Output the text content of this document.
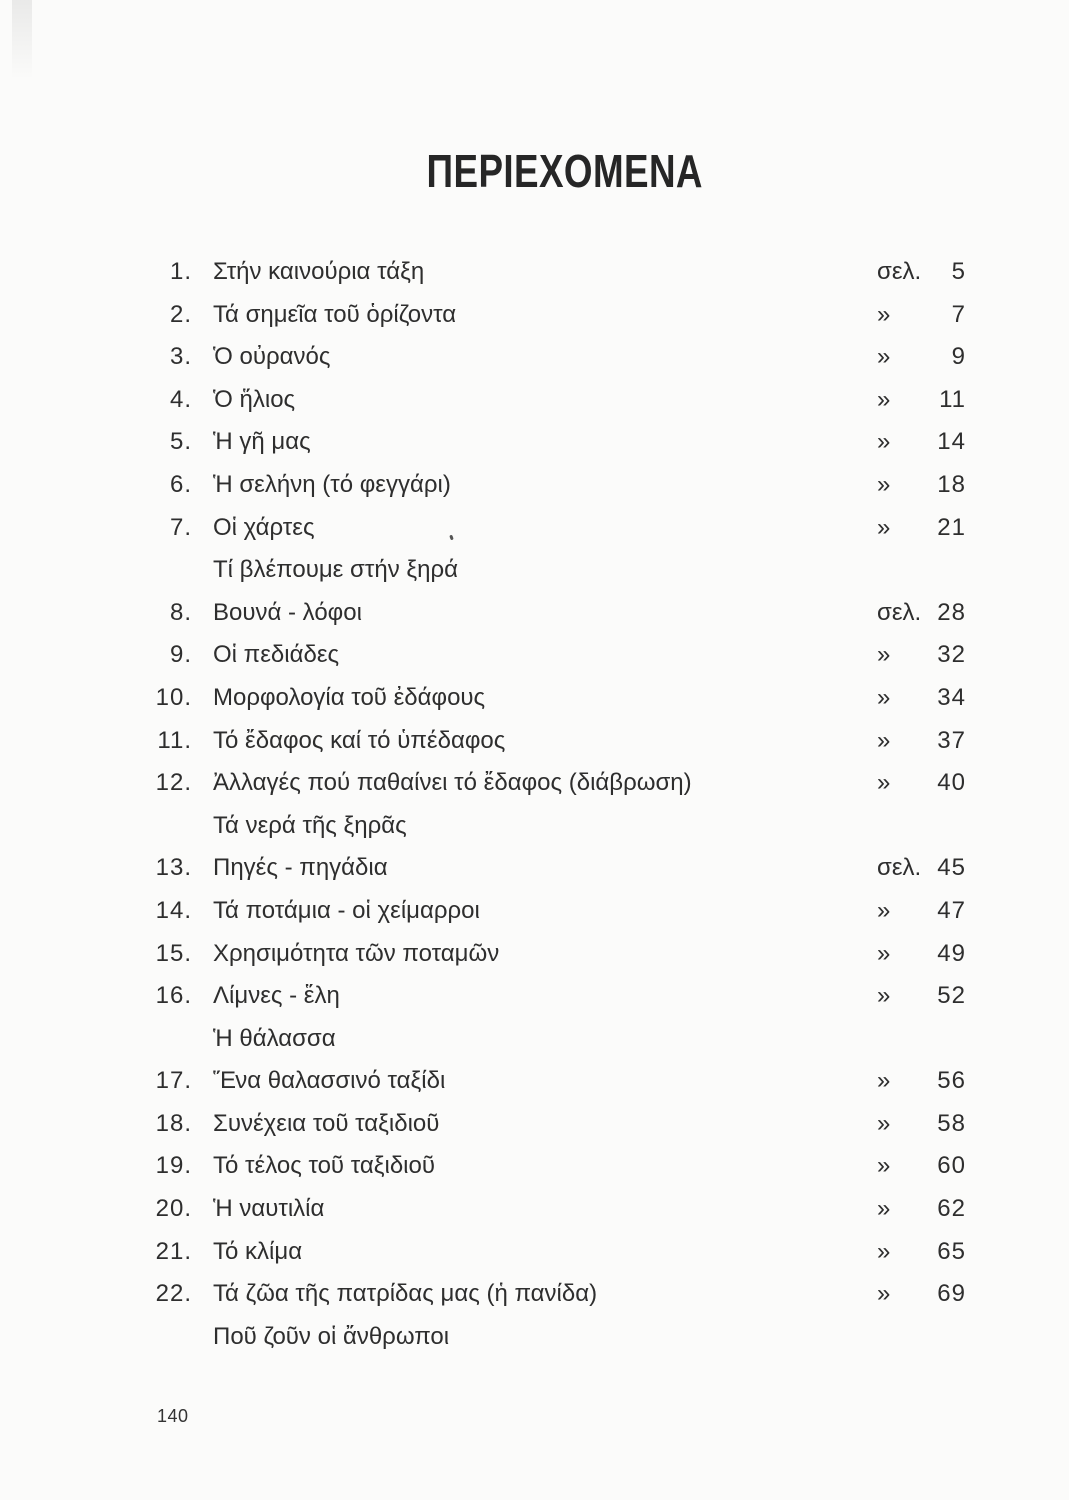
ΠΕΡΙΕΧΟΜΕΝΑ
1. Στήν καινούρια τάξη	σελ.	5
2. Τά σημεῖα τοῦ ὁρίζοντα	»	7
3. Ὁ οὐρανός	»	9
4. Ὁ ἥλιος	»	11
5. Ἡ γῆ μας	»	14
6. Ἡ σελήνη (τό φεγγάρι)	»	18
7. Οἱ χάρτες	»	21
Τί βλέπουμε στήν ξηρά
8. Βουνά - λόφοι	σελ. 28
9. Οἱ πεδιάδες	»	32
10. Μορφολογία τοῦ ἐδάφους	»	34
11. Τό ἔδαφος καί τό ὑπέδαφος	»	37
12. Ἀλλαγές πού παθαίνει τό ἔδαφος (διάβρωση)	»	40
Τά νερά τῆς ξηρᾶς
13. Πηγές - πηγάδια	σελ. 45
14. Τά ποτάμια - οἱ χείμαρροι	»	47
15. Χρησιμότητα τῶν ποταμῶν	»	49
16. Λίμνες - ἕλη	»	52
Ἡ θάλασσα
17. Ἕνα θαλασσινό ταξίδι	»	56
18. Συνέχεια τοῦ ταξιδιοῦ	»	58
19. Τό τέλος τοῦ ταξιδιοῦ	»	60
20. Ἡ ναυτιλία	»	62
21. Τό κλίμα	»	65
22. Τά ζῶα τῆς πατρίδας μας (ἡ πανίδα)	»	69
Ποῦ ζοῦν οἱ ἄνθρωποι
140
